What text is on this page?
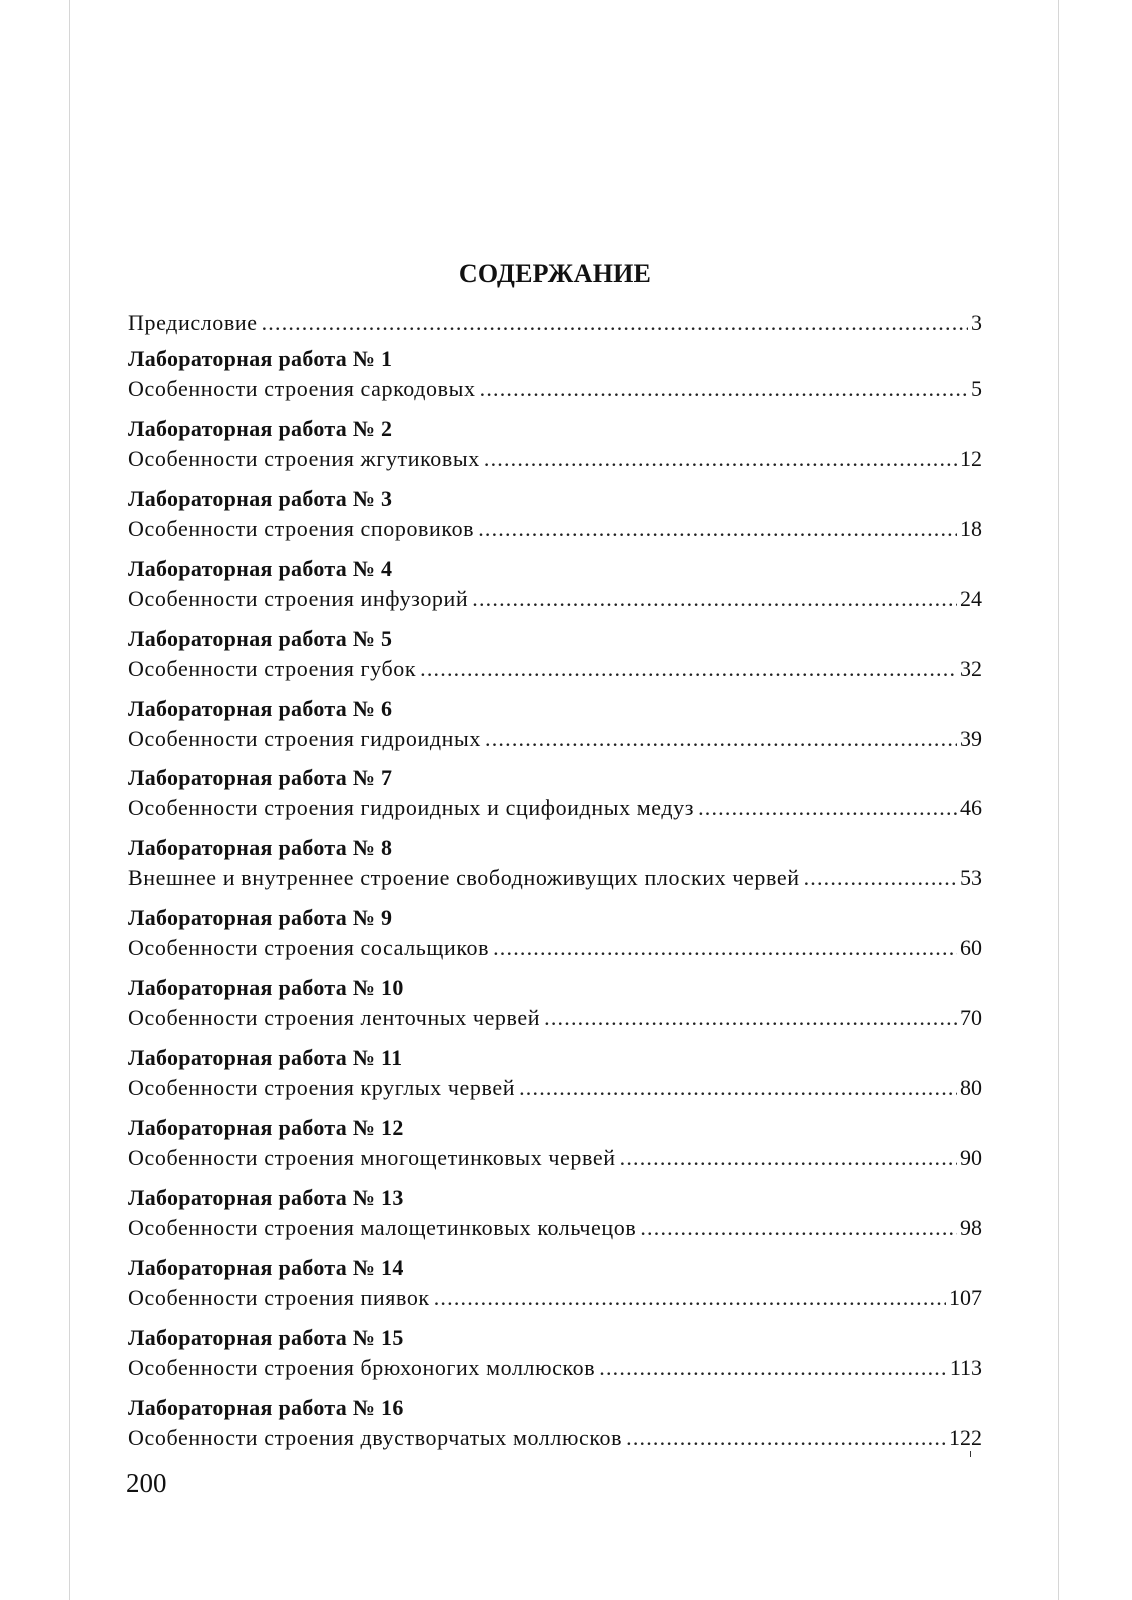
СОДЕРЖАНИЕ
Предисловие .....	3
Лабораторная работа № 1
Особенности строения саркодовых .....	5
Лабораторная работа № 2
Особенности строения жгутиковых .....	12
Лабораторная работа № 3
Особенности строения споровиков .....	18
Лабораторная работа № 4
Особенности строения инфузорий .....	24
Лабораторная работа № 5
Особенности строения губок .....	32
Лабораторная работа № 6
Особенности строения гидроидных .....	39
Лабораторная работа № 7
Особенности строения гидроидных и сцифоидных медуз .....	46
Лабораторная работа № 8
Внешнее и внутреннее строение свободноживущих плоских червей .....	53
Лабораторная работа № 9
Особенности строения сосальщиков .....	60
Лабораторная работа № 10
Особенности строения ленточных червей .....	70
Лабораторная работа № 11
Особенности строения круглых червей .....	80
Лабораторная работа № 12
Особенности строения многощетинковых червей .....	90
Лабораторная работа № 13
Особенности строения малощетинковых кольчецов .....	98
Лабораторная работа № 14
Особенности строения пиявок .....	107
Лабораторная работа № 15
Особенности строения брюхоногих моллюсков .....	113
Лабораторная работа № 16
Особенности строения двустворчатых моллюсков .....	122
200
